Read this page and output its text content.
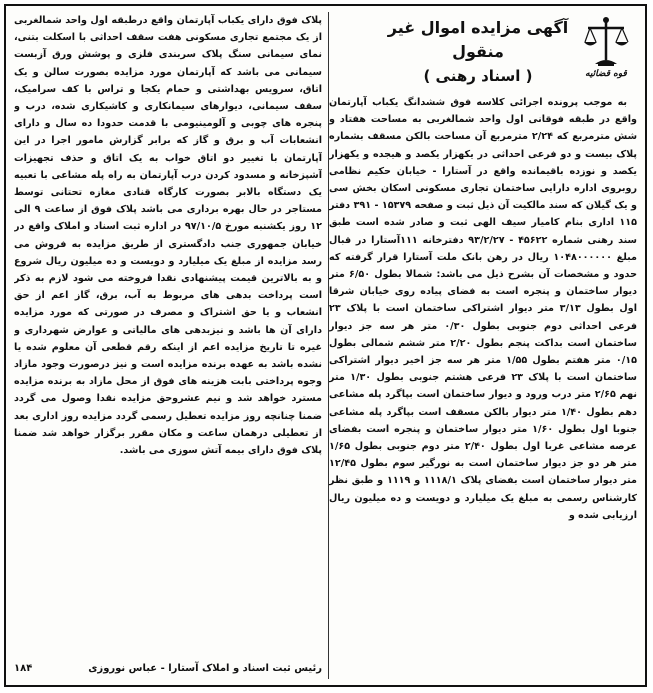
قوه قضائیه
آگهی مزایده اموال غیر منقول
( اسناد رهنی )

به موجب پرونده اجرائی کلاسه فوق ششدانگ یکباب آپارتمان واقع در طبقه فوقانی اول واحد شمالغربی به مساحت هفتاد و شش مترمربع که ۲/۲۴ مترمربع آن مساحت بالکن مسقف بشماره پلاک بیست و دو فرعی احداثی در یکهزار یکصد و هیجده و یکهزار یکصد و نوزده باقیمانده واقع در آستارا - خیابان حکیم نظامی روبروی اداره دارایی ساختمان تجاری مسکونی اسکان بخش سی و یک گیلان که سند مالکیت آن ذیل ثبت و صفحه ۱۵۳۷۹ - ۳۹۱ دفتر ۱۱۵ اداری بنام کامیار سیف الهی ثبت و صادر شده است طبق سند رهنی شماره ۴۵۶۲۲ - ۹۳/۲/۲۷ دفترخانه ۱۱۱آستارا در قبال مبلغ ۱۰۴۸۰۰۰۰۰۰ ریال در رهن بانک ملت آستارا قرار گرفته که حدود و مشخصات آن بشرح ذیل می باشد: شمالا بطول ۶/۵۰ متر دیوار ساختمان و پنجره است به فضای پیاده روی خیابان شرقا اول بطول ۳/۱۳ متر دیوار اشتراکی ساختمان است با پلاک ۲۳ فرعی احداثی دوم جنوبی بطول ۰/۳۰ متر هر سه جز دیوار ساختمان است بداکت پنجم بطول ۲/۲۰ متر ششم شمالی بطول ۰/۱۵ متر هفتم بطول ۱/۵۵ متر هر سه جز اخیر دیوار اشتراکی ساختمان است با پلاک ۲۳ فرعی هشتم جنوبی بطول ۱/۳۰ متر نهم ۲/۶۵ متر درب ورود و دیوار ساختمان است بپاگرد پله مشاعی دهم بطول ۱/۴۰ متر دیوار بالکن مسقف است بپاگرد پله مشاعی جنوبا اول بطول ۱/۶۰ متر دیوار ساختمان و پنجره است بفضای عرصه مشاعی غربا اول بطول ۲/۴۰ متر دوم جنوبی بطول ۱/۶۵ متر هر دو جز دیوار ساختمان است به نورگیر سوم بطول ۱۲/۴۵ متر دیوار ساختمان است بفضای پلاک ۱۱۱۸/۱ و ۱۱۱۹ و طبق نظر کارشناس رسمی به مبلغ یک میلیارد و دویست و ده میلیون ریال ارزیابی شده و

پلاک فوق دارای یکباب آپارتمان واقع درطبقه اول واحد شمالغربی از یک مجتمع تجاری مسکونی هفت سقف احداثی با اسکلت بتنی، نمای سیمانی سنگ پلاک سربندی فلزی و پوشش ورق آزبست سیمانی می باشد که آپارتمان مورد مزایده بصورت سالن و یک اتاق، سرویس بهداشتی و حمام یکجا و تراس با کف سرامیک، سقف سیمانی، دیوارهای سیمانکاری و کاشیکاری شده، درب و پنجره های چوبی و آلومینیومی با قدمت حدودا ده سال و دارای انشعابات آب و برق و گاز که برابر گزارش مامور اجرا در این آپارتمان با تغییر دو اتاق خواب به یک اتاق و حذف تجهیزات آشپزخانه و مسدود کردن درب آپارتمان به راه پله مشاعی با تعبیه یک دستگاه بالابر بصورت کارگاه قنادی مغازه تحتانی توسط مستاجر در حال بهره برداری می باشد پلاک فوق از ساعت ۹ الی ۱۲ روز یکشنبه مورخ ۹۷/۱۰/۵ در اداره ثبت اسناد و املاک واقع در خیابان جمهوری جنب دادگستری از طریق مزایده به فروش می رسد مزایده از مبلغ یک میلیارد و دویست و ده میلیون ریال شروع و به بالاترین قیمت پیشنهادی نقدا فروخته می شود لازم به ذکر است پرداخت بدهی های مربوط به آب، برق، گاز اعم از حق انشعاب و یا حق اشتراک و مصرف در صورتی که مورد مزایده دارای آن ها باشد و نیزبدهی های مالیاتی و عوارض شهرداری و غیره تا تاریخ مزایده اعم از اینکه رقم قطعی آن معلوم شده یا نشده باشد به عهده برنده مزایده است و نیز درصورت وجود مازاد وجوه پرداختی بابت هزینه های فوق از محل مازاد به برنده مزایده مسترد خواهد شد و نیم عشروحق مزایده نقدا وصول می گردد ضمنا چنانچه روز مزایده تعطیل رسمی گردد مزایده روز اداری بعد از تعطیلی درهمان ساعت و مکان مقرر برگزار خواهد شد ضمنا پلاک فوق دارای بیمه آتش سوزی می باشد.

رئیس ثبت اسناد و املاک آستارا - عباس نوروزی
۱۸۴
